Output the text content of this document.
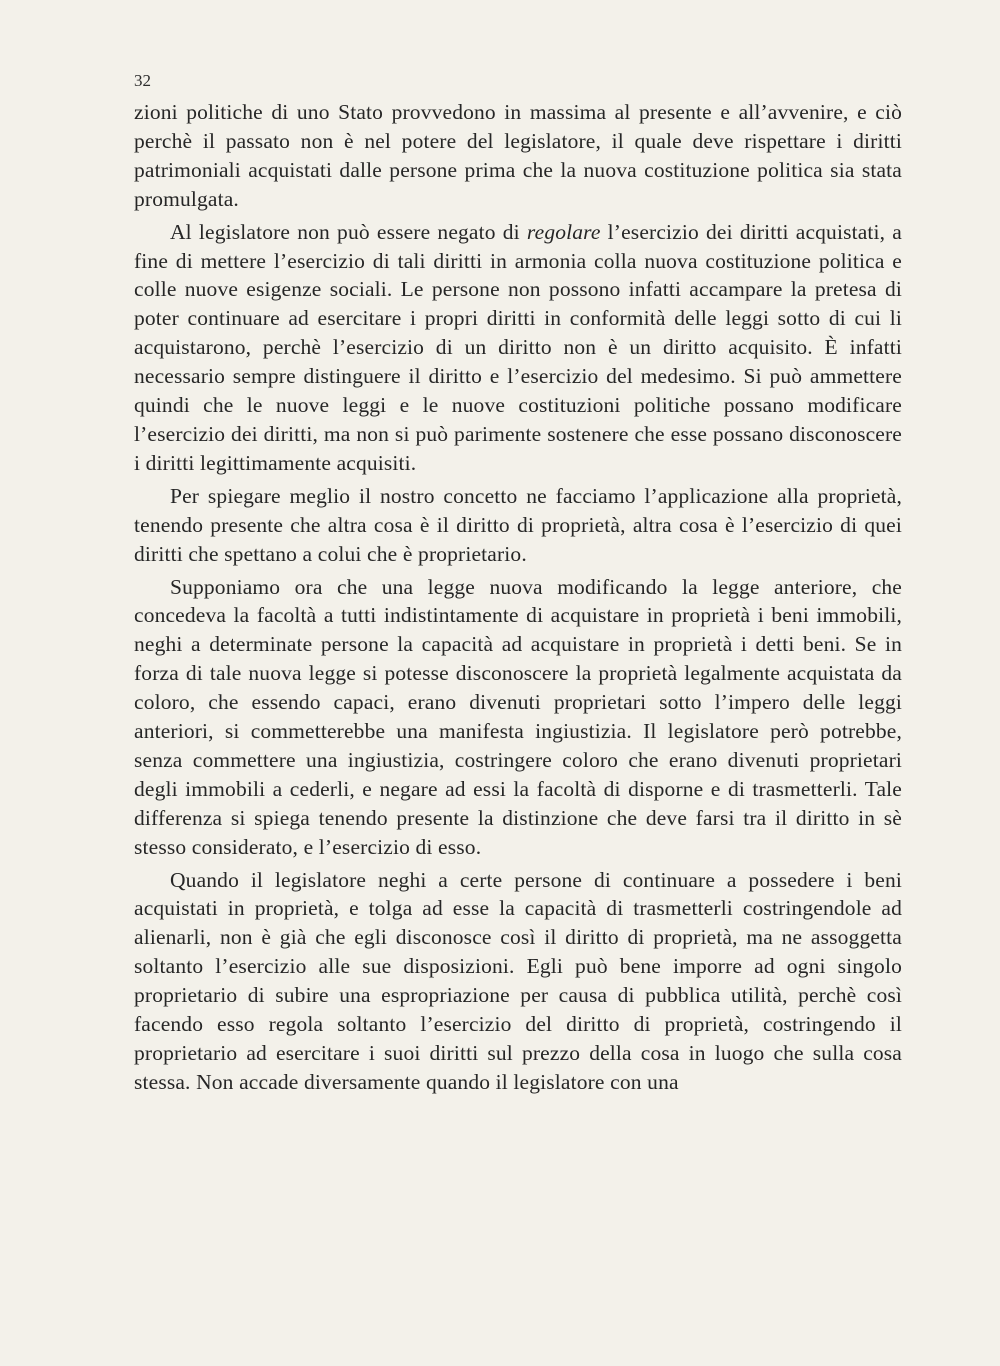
32

zioni politiche di uno Stato provvedono in massima al presente e all’avvenire, e ciò perchè il passato non è nel potere del legislatore, il quale deve rispettare i diritti patrimoniali acquistati dalle persone prima che la nuova costituzione politica sia stata promulgata.

Al legislatore non può essere negato di regolare l’esercizio dei diritti acquistati, a fine di mettere l’esercizio di tali diritti in armonia colla nuova costituzione politica e colle nuove esigenze sociali. Le persone non possono infatti accampare la pretesa di poter continuare ad esercitare i propri diritti in conformità delle leggi sotto di cui li acquistarono, perchè l’esercizio di un diritto non è un diritto acquisito. È infatti necessario sempre distinguere il diritto e l’esercizio del medesimo. Si può ammettere quindi che le nuove leggi e le nuove costituzioni politiche possano modificare l’esercizio dei diritti, ma non si può parimente sostenere che esse possano disconoscere i diritti legittimamente acquisiti.

Per spiegare meglio il nostro concetto ne facciamo l’applicazione alla proprietà, tenendo presente che altra cosa è il diritto di proprietà, altra cosa è l’esercizio di quei diritti che spettano a colui che è proprietario.

Supponiamo ora che una legge nuova modificando la legge anteriore, che concedeva la facoltà a tutti indistintamente di acquistare in proprietà i beni immobili, neghi a determinate persone la capacità ad acquistare in proprietà i detti beni. Se in forza di tale nuova legge si potesse disconoscere la proprietà legalmente acquistata da coloro, che essendo capaci, erano divenuti proprietari sotto l’impero delle leggi anteriori, si commetterebbe una manifesta ingiustizia. Il legislatore però potrebbe, senza commettere una ingiustizia, costringere coloro che erano divenuti proprietari degli immobili a cederli, e negare ad essi la facoltà di disporne e di trasmetterli. Tale differenza si spiega tenendo presente la distinzione che deve farsi tra il diritto in sè stesso considerato, e l’esercizio di esso.

Quando il legislatore neghi a certe persone di continuare a possedere i beni acquistati in proprietà, e tolga ad esse la capacità di trasmetterli costringendole ad alienarli, non è già che egli disconosce così il diritto di proprietà, ma ne assoggetta soltanto l’esercizio alle sue disposizioni. Egli può bene imporre ad ogni singolo proprietario di subire una espropriazione per causa di pubblica utilità, perchè così facendo esso regola soltanto l’esercizio del diritto di proprietà, costringendo il proprietario ad esercitare i suoi diritti sul prezzo della cosa in luogo che sulla cosa stessa. Non accade diversamente quando il legislatore con una
